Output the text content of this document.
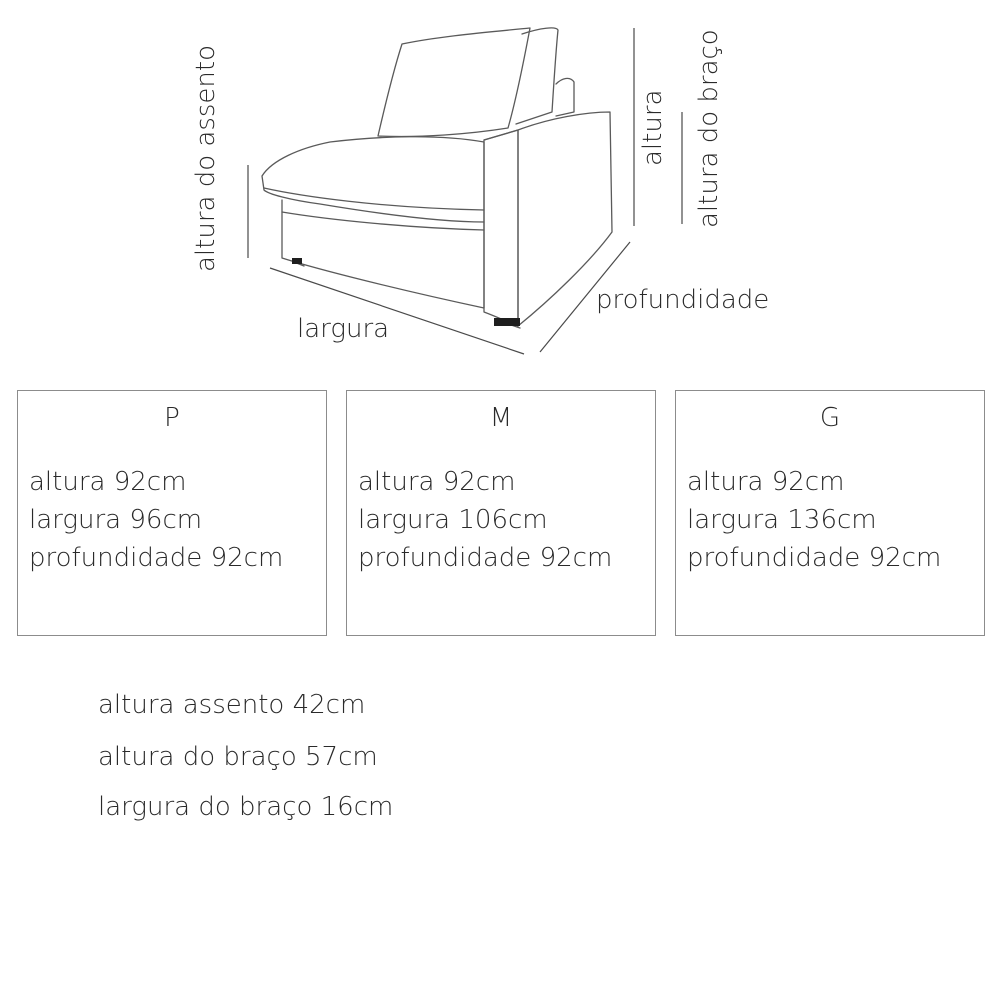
altura do assento
largura
profundidade
altura altura do braço
P
altura 92cm
largura 96cm
profundidade 92cm
M
altura 92cm
largura 106cm
profundidade 92cm
G
altura 92cm
largura 136cm
profundidade 92cm
altura assento 42cm
altura do braço 57cm
largura do braço 16cm
